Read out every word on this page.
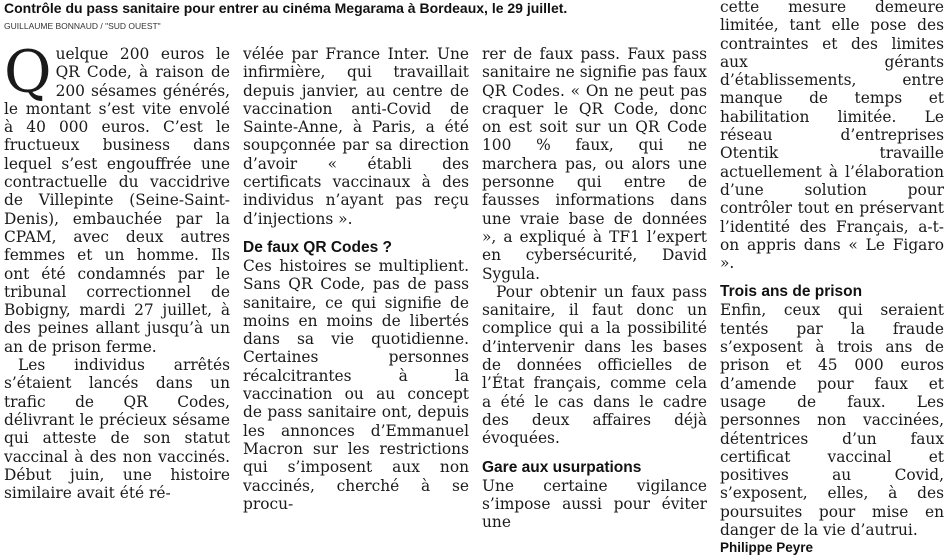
Contrôle du pass sanitaire pour entrer au cinéma Megarama à Bordeaux, le 29 juillet.
GUILLAUME BONNAUD / "SUD OUEST"

Quelque 200 euros le QR Code, à raison de 200 sésames générés, le montant s’est vite envolé à 40 000 euros. C’est le fructueux business dans lequel s’est engouffrée une contractuelle du vaccidrive de Villepinte (Seine-Saint-Denis), embauchée par la CPAM, avec deux autres femmes et un homme. Ils ont été condamnés par le tribunal correctionnel de Bobigny, mardi 27 juillet, à des peines allant jusqu’à un an de prison ferme.

Les individus arrêtés s’étaient lancés dans un trafic de QR Codes, délivrant le précieux sésame qui atteste de son statut vaccinal à des non vaccinés. Début juin, une histoire similaire avait été ré-

vélée par France Inter. Une infirmière, qui travaillait depuis janvier, au centre de vaccination anti-Covid de Sainte-Anne, à Paris, a été soupçonnée par sa direction d’avoir « établi des certificats vaccinaux à des individus n’ayant pas reçu d’injections ».

De faux QR Codes ?

Ces histoires se multiplient. Sans QR Code, pas de pass sanitaire, ce qui signifie de moins en moins de libertés dans sa vie quotidienne. Certaines personnes récalcitrantes à la vaccination ou au concept de pass sanitaire ont, depuis les annonces d’Emmanuel Macron sur les restrictions qui s’imposent aux non vaccinés, cherché à se procu-

rer de faux pass. Faux pass sanitaire ne signifie pas faux QR Codes. « On ne peut pas craquer le QR Code, donc on est soit sur un QR Code 100 % faux, qui ne marchera pas, ou alors une personne qui entre de fausses informations dans une vraie base de données », a expliqué à TF1 l’expert en cybersécurité, David Sygula.

Pour obtenir un faux pass sanitaire, il faut donc un complice qui a la possibilité d’intervenir dans les bases de données officielles de l’État français, comme cela a été le cas dans le cadre des deux affaires déjà évoquées.

Gare aux usurpations

Une certaine vigilance s’impose aussi pour éviter une

cette mesure demeure limitée, tant elle pose des contraintes et des limites aux gérants d’établissements, entre manque de temps et habilitation limitée. Le réseau d’entreprises Otentik travaille actuellement à l’élaboration d’une solution pour contrôler tout en préservant l’identité des Français, a-t-on appris dans « Le Figaro ».

Trois ans de prison

Enfin, ceux qui seraient tentés par la fraude s’exposent à trois ans de prison et 45 000 euros d’amende pour faux et usage de faux. Les personnes non vaccinées, détentrices d’un faux certificat vaccinal et positives au Covid, s’exposent, elles, à des poursuites pour mise en danger de la vie d’autrui.

Philippe Peyre
